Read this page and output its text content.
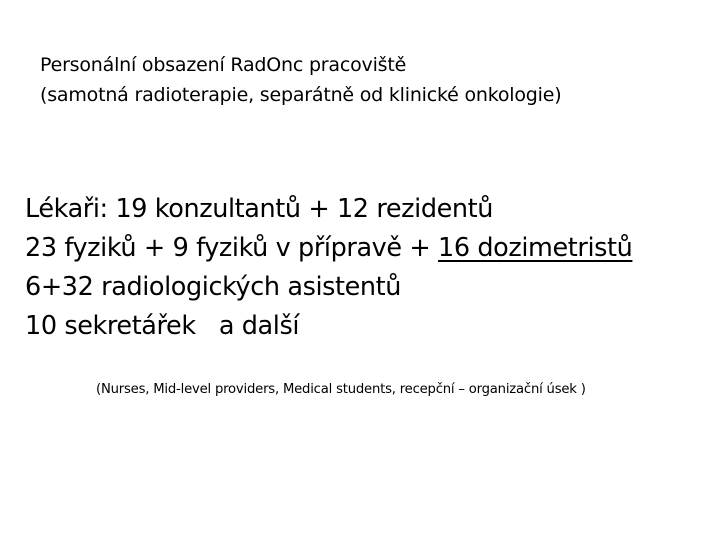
Personální obsazení RadOnc pracoviště
(samotná radioterapie, separátně od klinické onkologie)
Lékaři: 19 konzultantů + 12 rezidentů
23 fyziků + 9 fyziků v přípravě + 16 dozimetristů
6+32 radiologických asistentů
10 sekretářek   a další
(Nurses, Mid-level providers, Medical students, recepční – organizační úsek )
